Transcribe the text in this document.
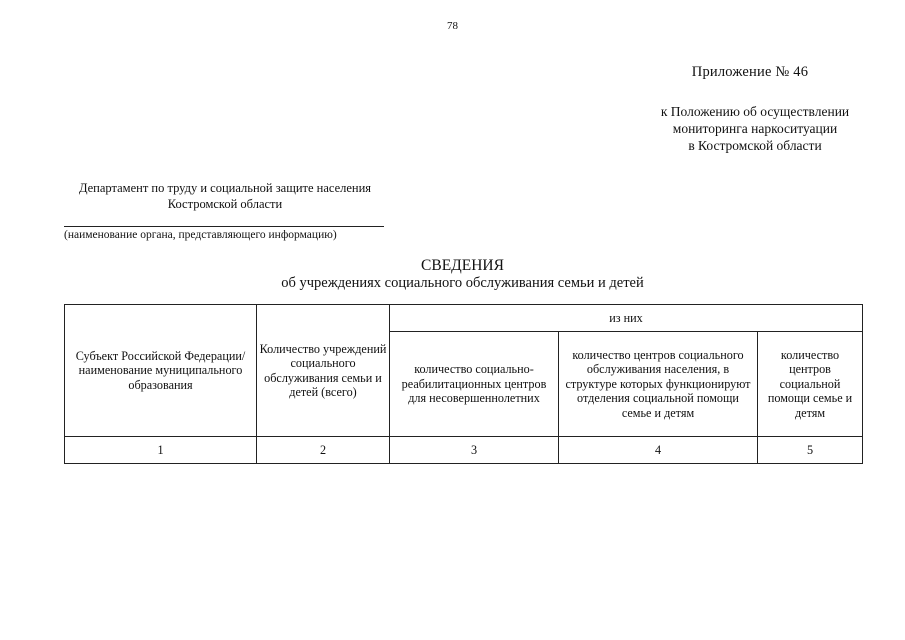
78
Приложение № 46
к Положению об осуществлении
мониторинга наркоситуации
в Костромской области
Департамент по труду и социальной защите населения
Костромской области
(наименование органа, представляющего информацию)
СВЕДЕНИЯ
об учреждениях социального обслуживания семьи и детей
Субъект Российской Федерации/наименование муниципального образования	Количество учреждений социального обслуживания семьи и детей (всего)	из них		
		количество социально-реабилитационных центров для несовершеннолетних	количество центров социального обслуживания населения, в структуре которых функционируют отделения социальной помощи семье и детям	количество центров социальной помощи семье и детям
1	2	3	4	5
